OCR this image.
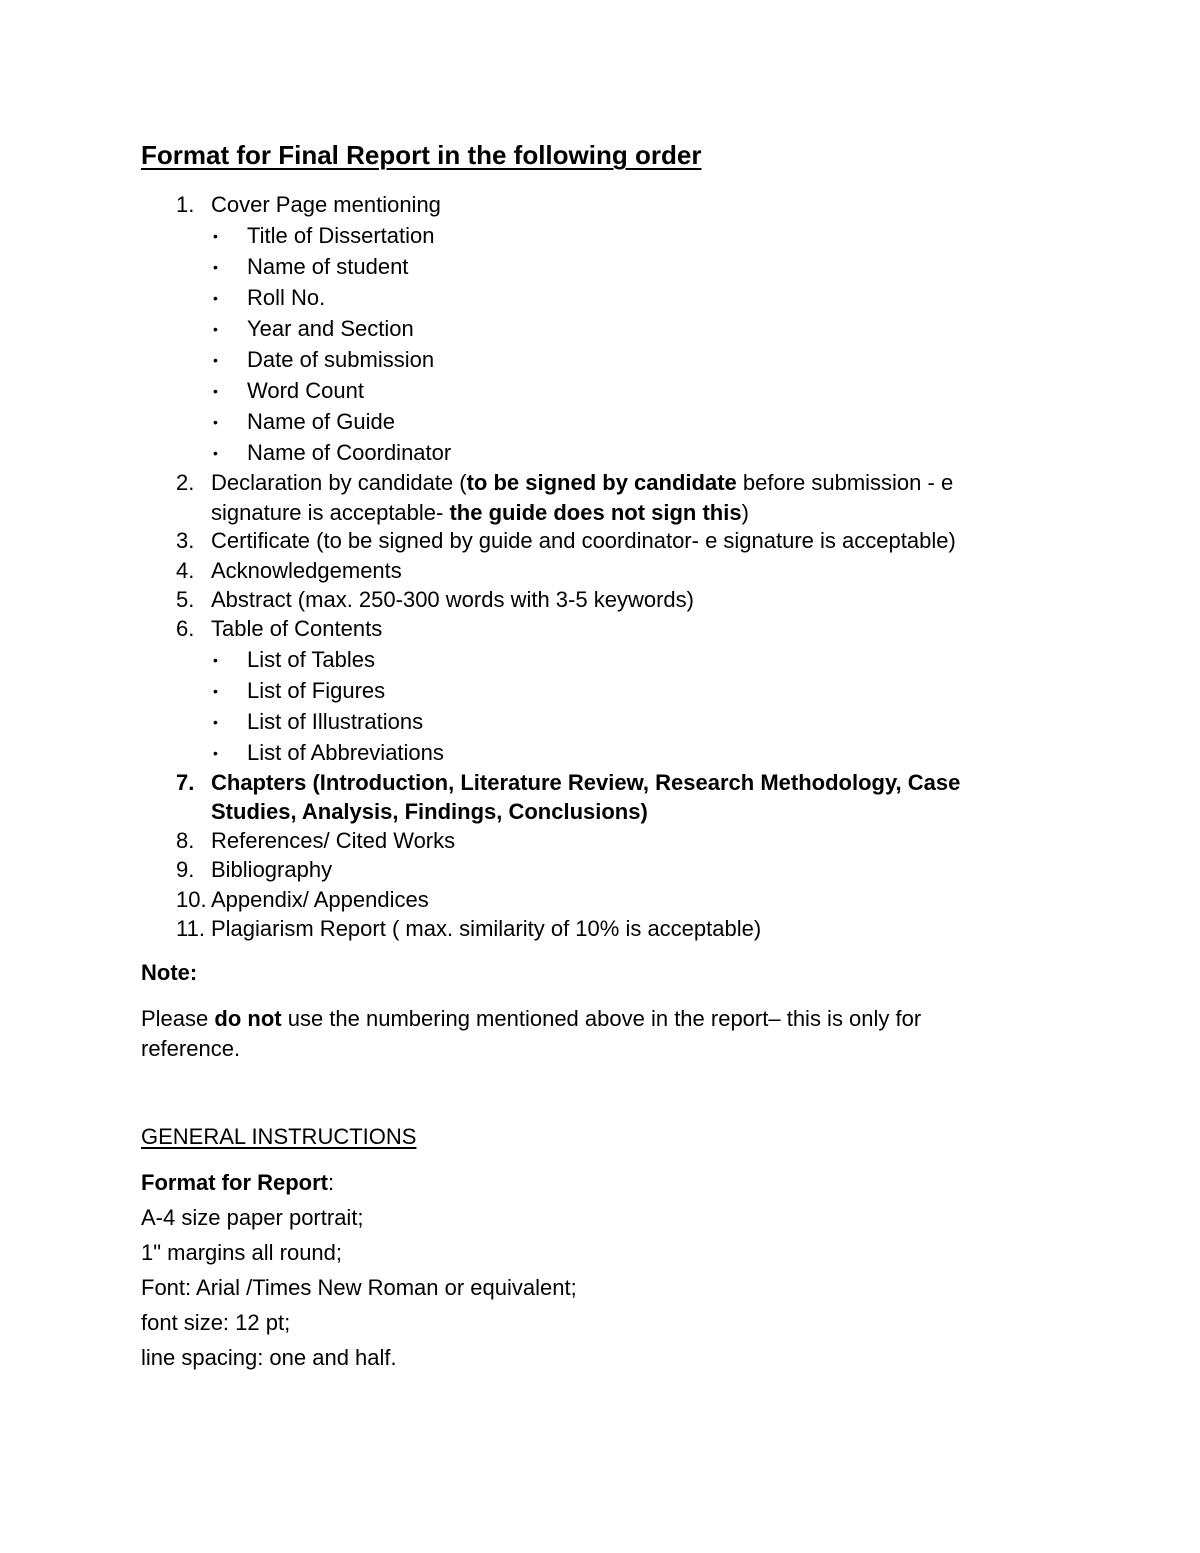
Format for Final Report in the following order
1. Cover Page mentioning
• Title of Dissertation
• Name of student
• Roll No.
• Year and Section
• Date of submission
• Word Count
• Name of Guide
• Name of Coordinator
2. Declaration by candidate (to be signed by candidate before submission - e
signature is acceptable- the guide does not sign this)
3. Certificate (to be signed by guide and coordinator- e signature is acceptable)
4. Acknowledgements
5. Abstract (max. 250-300 words with 3-5 keywords)
6. Table of Contents
• List of Tables
• List of Figures
• List of Illustrations
• List of Abbreviations
7. Chapters (Introduction, Literature Review, Research Methodology, Case
Studies, Analysis, Findings, Conclusions)
8. References/ Cited Works
9. Bibliography
10. Appendix/ Appendices
11. Plagiarism Report ( max. similarity of 10% is acceptable)
Note:
Please do not use the numbering mentioned above in the report– this is only for
reference.
GENERAL INSTRUCTIONS
Format for Report:
A-4 size paper portrait;
1" margins all round;
Font: Arial /Times New Roman or equivalent;
font size: 12 pt;
line spacing: one and half.
